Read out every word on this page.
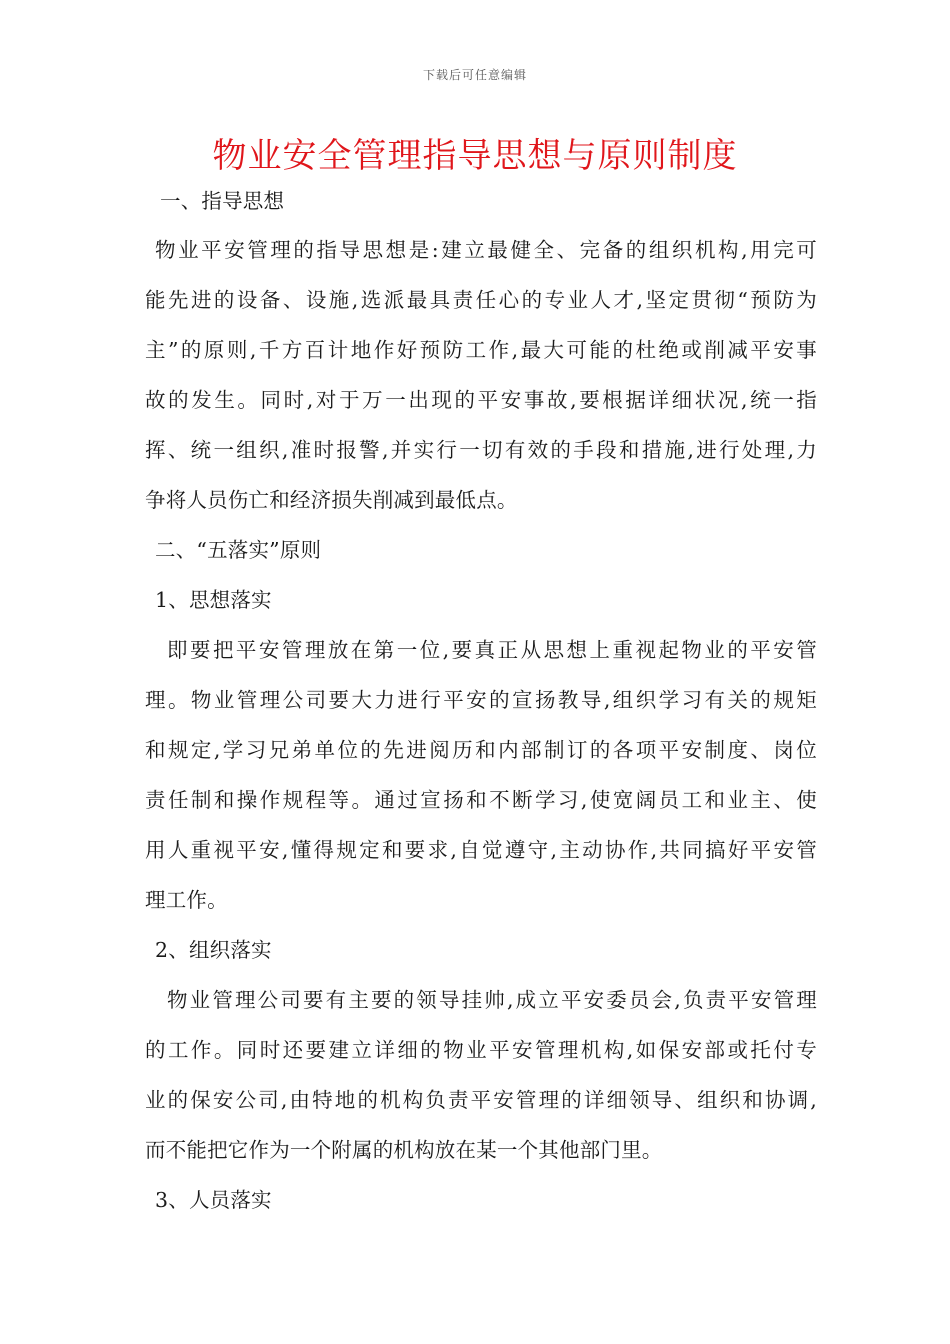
下载后可任意编辑
物业安全管理指导思想与原则制度
一、指导思想
物业平安管理的指导思想是:建立最健全、完备的组织机构,用完可
能先进的设备、设施,选派最具责任心的专业人才,坚定贯彻“预防为
主”的原则,千方百计地作好预防工作,最大可能的杜绝或削减平安事
故的发生。同时,对于万一出现的平安事故,要根据详细状况,统一指
挥、统一组织,准时报警,并实行一切有效的手段和措施,进行处理,力
争将人员伤亡和经济损失削减到最低点。
二、“五落实”原则
1、思想落实
即要把平安管理放在第一位,要真正从思想上重视起物业的平安管
理。物业管理公司要大力进行平安的宣扬教导,组织学习有关的规矩
和规定,学习兄弟单位的先进阅历和内部制订的各项平安制度、岗位
责任制和操作规程等。通过宣扬和不断学习,使宽阔员工和业主、使
用人重视平安,懂得规定和要求,自觉遵守,主动协作,共同搞好平安管
理工作。
2、组织落实
物业管理公司要有主要的领导挂帅,成立平安委员会,负责平安管理
的工作。同时还要建立详细的物业平安管理机构,如保安部或托付专
业的保安公司,由特地的机构负责平安管理的详细领导、组织和协调,
而不能把它作为一个附属的机构放在某一个其他部门里。
3、人员落实
